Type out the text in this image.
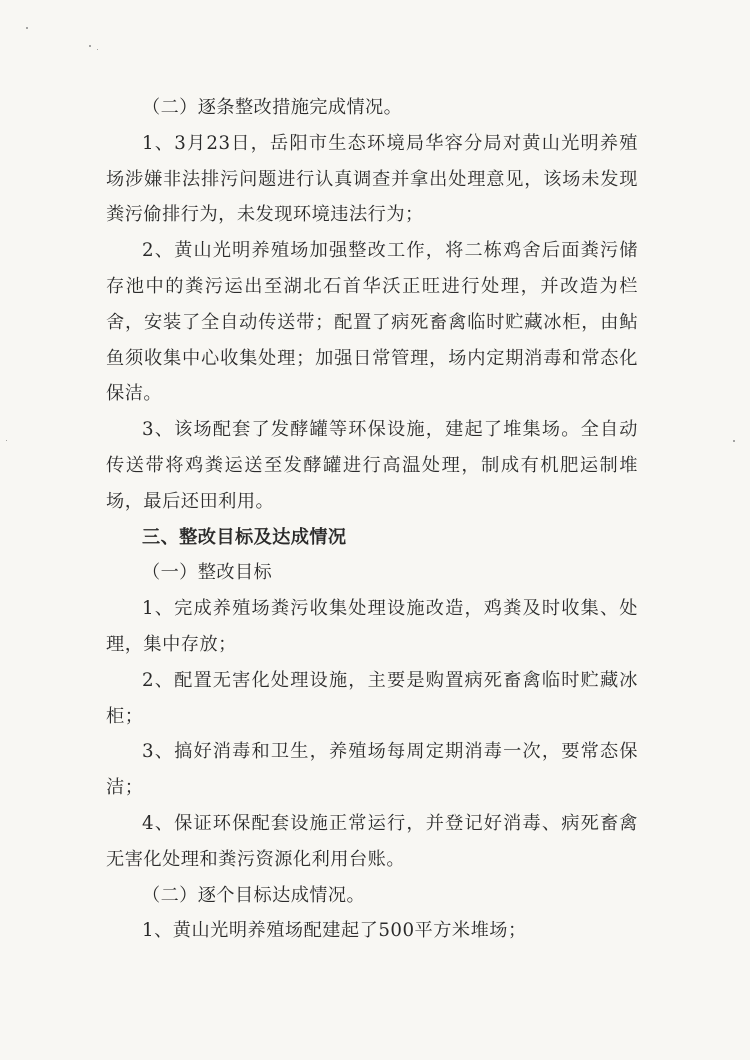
（二）逐条整改措施完成情况。

1、3月23日，岳阳市生态环境局华容分局对黄山光明养殖场涉嫌非法排污问题进行认真调查并拿出处理意见，该场未发现粪污偷排行为，未发现环境违法行为；

2、黄山光明养殖场加强整改工作，将二栋鸡舍后面粪污储存池中的粪污运出至湖北石首华沃正旺进行处理，并改造为栏舍，安装了全自动传送带；配置了病死畜禽临时贮藏冰柜，由鲇鱼须收集中心收集处理；加强日常管理，场内定期消毒和常态化保洁。

3、该场配套了发酵罐等环保设施，建起了堆集场。全自动传送带将鸡粪运送至发酵罐进行高温处理，制成有机肥运制堆场，最后还田利用。

三、整改目标及达成情况

（一）整改目标

1、完成养殖场粪污收集处理设施改造，鸡粪及时收集、处理，集中存放；

2、配置无害化处理设施，主要是购置病死畜禽临时贮藏冰柜；

3、搞好消毒和卫生，养殖场每周定期消毒一次，要常态保洁；

4、保证环保配套设施正常运行，并登记好消毒、病死畜禽无害化处理和粪污资源化利用台账。

（二）逐个目标达成情况。

1、黄山光明养殖场配建起了500平方米堆场；
